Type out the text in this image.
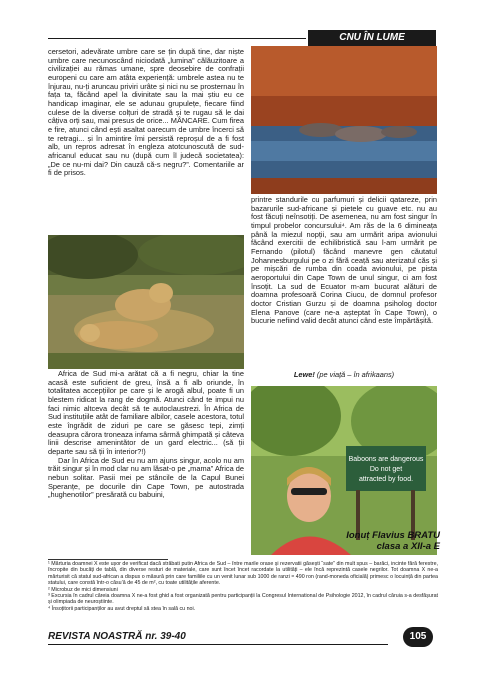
CNU ÎN LUME

cersetori, adevărate umbre care se țin după tine, dar niște umbre care necunoscând niciodată „lumina” călăuzitoare a civilizației au rămas umane, spre deosebire de confrații europeni cu care am atâta experiență: umbrele astea nu te înjurau, nu-ți aruncau priviri urâte și nici nu se prosternau în fața ta, făcând apel la divinitate sau la mai știu eu ce handicap imaginar, ele se adunau grupulețe, fiecare fiind culese de la diverse colțuri de stradă și te rugau să le dai câțiva orți sau, mai presus de orice... MÂNCARE. Cum firea e fire, atunci când ești asaltat oarecum de umbre încerci să te retragi... și în amintire îmi persistă reproșul de a fi fost alb, un repros adresat în engleza atotcunoscută de sud-africanul educat sau nu (după cum îl judecă societatea): „De ce nu-mi dai? Din cauză că-s negru?”. Comentariile ar fi de prisos.

Africa de Sud mi-a arătat că a fi negru, chiar la tine acasă este suficient de greu, însă a fi alb oriunde, în totalitatea accepțiilor pe care și le arogă albul, poate fi un blestem ridicat la rang de dogmă. Atunci când te impui nu faci nimic altceva decât să te autoclaustrezi. În Africa de Sud instituțiile atât de familiare albilor, casele acestora, totul este îngrădit de ziduri pe care se găsesc tepi, zimți deasupra cărora troneaza infama sârmă ghimpată și câteva linii descrise amenintător de un gard electric... (să ții departe sau să ții în interior?!)

Dar în Africa de Sud eu nu am ajuns singur, acolo nu am trăit singur și în mod clar nu am lăsat-o pe „mama” Africa de nebun solitar. Pasii mei pe stâncile de la Capul Bunei Speranțe, pe docurile din Cape Town, pe autostrada „hughenotilor” presărată cu babuini,

printre standurile cu parfumuri și delicii qatareze, prin bazarurile sud-africane și pietele cu guave etc. nu au fost făcuți neînsotiți. De asemenea, nu am fost singur în timpul probelor concursului⁴. Am răs de la 6 dimineața până la miezul nopții, sau am urmărit aripa avionului făcând exercitii de echilibristică sau l-am urmărit pe Fernando (pilotul) făcând manevre gen căutatul Johannesburgului pe o zi fără ceață sau aterizatul căs și pe mișcări de rumba din coada avionului, pe pista aeroportului din Cape Town de unul singur, ci am fost însoțit. La sud de Ecuator m-am bucurat alături de doamna profesoară Corina Ciucu, de domnul profesor doctor Cristian Gurzu și de doamna psiholog doctor Elena Panove (care ne-a așteptat în Cape Town), o bucurie nefiind valid decât atunci când este împărtășită.

Lewe! (pe viață – în afrikaans)
Baboons are dangerous
Do not get
attracted by food.
Ionuț Flavius BRATU
clasa a XII-a E

¹ Mărturia doamnei X este ușor de verificat dacă străbati putin Africa de Sud – între marile orase și rezervatii găsești “sate” din mult spus – barăci, incinte fără ferestre, încropite din bucăți de tablă, din diverse resturi de materiale, care sunt încet încet racordate la utilități – ele încă reprezintă casele negrilor. Tot doamna X ne-a mărturisit că statul sud-african a dispus o măsură prin care familiile cu un venit lunar sub 1000 de ranzi ≈ 490 ron (rand-moneda oficială) primesc o locuință din partea statului, care constă într-o căsu’ă de 45 de m², cu toate utilitățile aferente.

² Microbuz de mici dimensiuni

³ Excursia în cadrul căreia doamna X ne-a fost ghid a fost organizată pentru participanții la Congresul International de Psihologie 2012, în cadrul căruia s-a desfășurat și olimpiada de neuroștiinte.

⁴ Însoțitorii participanților au avut dreptul să stea în sală cu noi.

REVISTA NOASTRĂ nr. 39-40	105
